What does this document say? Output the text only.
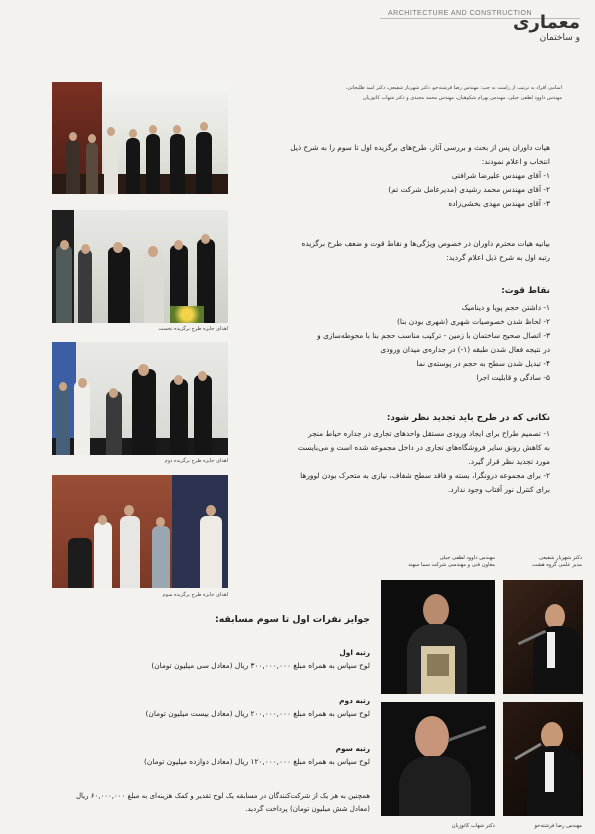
ARCHITECTURE AND CONSTRUCTION
معماری
و ساختمان
اسامی افراد به ترتیب از راست به چپ: مهندس رضا فرشته‌خو، دکتر شهریار شفیعی، دکتر امید طلیجانی،
مهندس داوود لطفی جیلی، مهندس بهرام شکوهیان، مهندس محمد مجیدی و دکتر شهاب کاتوزیان
اهدای جایزه طرح برگزیده نخست
اهدای جایزه طرح برگزیده دوم
اهدای جایزه طرح برگزیده سوم

هیات داوران پس از بحث و بررسی آثار، طرح‌های برگزیده اول تا سوم را به شرح ذیل

انتخاب و اعلام نمودند:

۱- آقای مهندس علیرضا شرافتی

۲- آقای مهندس محمد رشیدی (مدیرعامل شرکت تم)

۳- آقای مهندس مهدی بخشی‌زاده

بیانیه هیات محترم داوران در خصوص ویژگی‌ها و نقاط قوت و ضعف طرح برگزیده

رتبه اول به شرح ذیل اعلام گردید:

نقاط قوت:

۱- داشتن حجم پویا و دینامیک

۲- لحاظ شدن خصوصیات شهری (شهری بودن بنا)

۳- اتصال صحیح ساختمان با زمین - ترکیب مناسب حجم بنا با محوطه‌سازی و

در نتیجه فعال شدن طبقه (۱-) در جداره‌ی میدان ورودی

۴- تبدیل شدن سطح به حجم در پوسته‌ی نما

۵- سادگی و قابلیت اجرا

نکاتی که در طرح باید تجدید نظر شود:

۱- تصمیم طراح برای ایجاد ورودی مستقل واحدهای تجاری در جداره حیاط منجر

به کاهش رونق سایر فروشگاه‌های تجاری در داخل مجموعه شده است و می‌بایست

مورد تجدید نظر قرار گیرد.

۲- برای مجموعه درونگرا، بسته و فاقد سطح شفاف، نیازی به متحرک بودن لوورها

برای کنترل نور آفتاب وجود ندارد.

مهندس داوود لطفی جیلی
معاون فنی و مهندسی شرکت سما سهند
دکتر شهریار شفیعی
مدیر علمی گروه هشت
دکتر شهاب کاتوزیان	مهندس رضا فرشته‌خو

جوایز نفرات اول تا سوم مسابقه:

رتبه اول

لوح سپاس به همراه مبلغ ۳۰۰,۰۰۰,۰۰۰ ریال (معادل سی میلیون تومان)

رتبه دوم

لوح سپاس به همراه مبلغ ۲۰۰,۰۰۰,۰۰۰ ریال (معادل بیست میلیون تومان)

رتبه سوم

لوح سپاس به همراه مبلغ ۱۲۰,۰۰۰,۰۰۰ ریال (معادل دوازده میلیون تومان)

همچنین به هر یک از شرکت‌کنندگان در مسابقه یک لوح تقدیر و کمک هزینه‌ای به مبلغ ۶۰,۰۰۰,۰۰۰ ریال

(معادل شش میلیون تومان) پرداخت گردید.
